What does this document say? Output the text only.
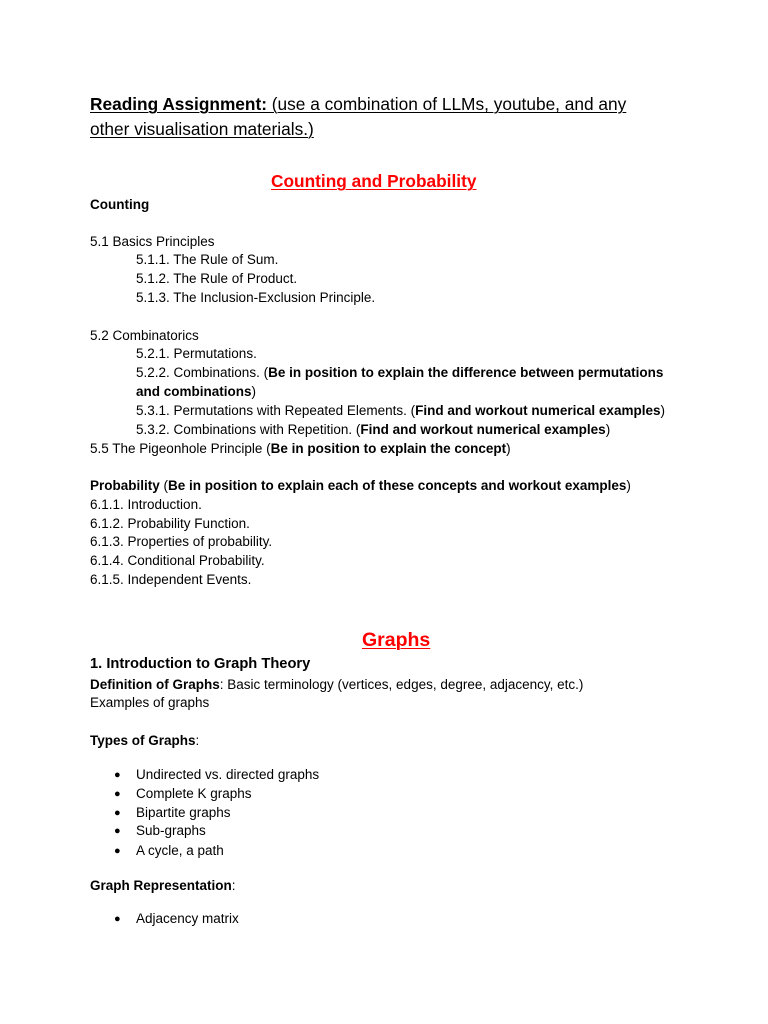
Reading Assignment: (use a combination of LLMs, youtube, and any
other visualisation materials.)
Counting and Probability
Counting
5.1 Basics Principles
5.1.1. The Rule of Sum.
5.1.2. The Rule of Product.
5.1.3. The Inclusion-Exclusion Principle.
5.2 Combinatorics
5.2.1. Permutations.
5.2.2. Combinations. (Be in position to explain the difference between permutations
and combinations)
5.3.1. Permutations with Repeated Elements. (Find and workout numerical examples)
5.3.2. Combinations with Repetition. (Find and workout numerical examples)
5.5 The Pigeonhole Principle (Be in position to explain the concept)
Probability (Be in position to explain each of these concepts and workout examples)
6.1.1. Introduction.
6.1.2. Probability Function.
6.1.3. Properties of probability.
6.1.4. Conditional Probability.
6.1.5. Independent Events.
Graphs
1. Introduction to Graph Theory
Definition of Graphs: Basic terminology (vertices, edges, degree, adjacency, etc.)
Examples of graphs
Types of Graphs:
● Undirected vs. directed graphs
● Complete K graphs
● Bipartite graphs
● Sub-graphs
● A cycle, a path
Graph Representation:
● Adjacency matrix
